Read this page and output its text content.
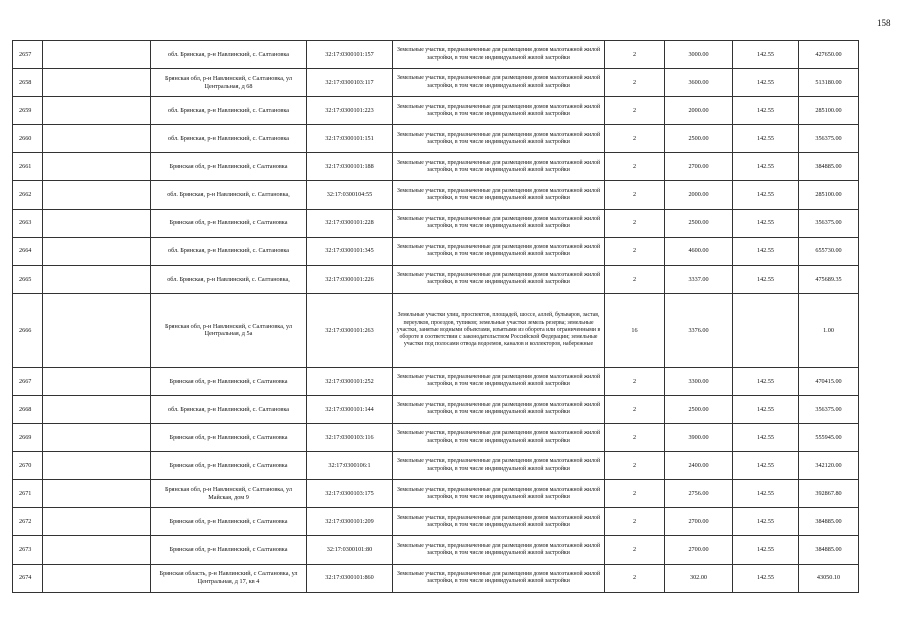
158
2657		обл. Брянская, р-н Навлинский, с. Салтановка	32:17:0300101:157	Земельные участки, предназначенные для размещения домов малоэтажной жилой застройки, в том числе индивидуальной жилой застройки	2	3000.00	142.55	427650.00
2658		Брянская обл, р-н Навлинский, с Салтановка, ул Центральная, д 68	32:17:0300103:117	Земельные участки, предназначенные для размещения домов малоэтажной жилой застройки, в том числе индивидуальной жилой застройки	2	3600.00	142.55	513180.00
2659		обл. Брянская, р-н Навлинский, с. Салтановка	32:17:0300101:223	Земельные участки, предназначенные для размещения домов малоэтажной жилой застройки, в том числе индивидуальной жилой застройки	2	2000.00	142.55	285100.00
2660		обл. Брянская, р-н Навлинский, с. Салтановка	32:17:0300101:151	Земельные участки, предназначенные для размещения домов малоэтажной жилой застройки, в том числе индивидуальной жилой застройки	2	2500.00	142.55	356375.00
2661		Брянская обл, р-н Навлинский, с Салтановка	32:17:0300101:188	Земельные участки, предназначенные для размещения домов малоэтажной жилой застройки, в том числе индивидуальной жилой застройки	2	2700.00	142.55	384885.00
2662		обл. Брянская, р-н Навлинский, с. Салтановка,	32:17:0300104:55	Земельные участки, предназначенные для размещения домов малоэтажной жилой застройки, в том числе индивидуальной жилой застройки	2	2000.00	142.55	285100.00
2663		Брянская обл, р-н Навлинский, с Салтановка	32:17:0300101:228	Земельные участки, предназначенные для размещения домов малоэтажной жилой застройки, в том числе индивидуальной жилой застройки	2	2500.00	142.55	356375.00
2664		обл. Брянская, р-н Навлинский, с. Салтановка	32:17:0300101:345	Земельные участки, предназначенные для размещения домов малоэтажной жилой застройки, в том числе индивидуальной жилой застройки	2	4600.00	142.55	655730.00
2665		обл. Брянская, р-н Навлинский, с. Салтановка,	32:17:0300101:226	Земельные участки, предназначенные для размещения домов малоэтажной жилой застройки, в том числе индивидуальной жилой застройки	2	3337.00	142.55	475689.35
2666		Брянская обл, р-н Навлинский, с Салтановка, ул Центральная, д 5а	32:17:0300101:263	Земельные участки улиц, проспектов, площадей, шоссе, аллей, бульваров, застав, переулков, проездов, тупиков; земельные участки земель резерва; земельные участки, занятые водными объектами, изъятыми из оборота или ограниченными в обороте в соответствии с законодательством Российской Федерации; земельные участки под полосами отвода водоемов, каналов и коллекторов, набережные	16	3376.00		1.00
2667		Брянская обл, р-н Навлинский, с Салтановка	32:17:0300101:252	Земельные участки, предназначенные для размещения домов малоэтажной жилой застройки, в том числе индивидуальной жилой застройки	2	3300.00	142.55	470415.00
2668		обл. Брянская, р-н Навлинский, с. Салтановка	32:17:0300101:144	Земельные участки, предназначенные для размещения домов малоэтажной жилой застройки, в том числе индивидуальной жилой застройки	2	2500.00	142.55	356375.00
2669		Брянская обл, р-н Навлинский, с Салтановка	32:17:0300103:116	Земельные участки, предназначенные для размещения домов малоэтажной жилой застройки, в том числе индивидуальной жилой застройки	2	3900.00	142.55	555945.00
2670		Брянская обл, р-н Навлинский, с Салтановка	32:17:0300106:1	Земельные участки, предназначенные для размещения домов малоэтажной жилой застройки, в том числе индивидуальной жилой застройки	2	2400.00	142.55	342120.00
2671		Брянская обл, р-н Навлинский, с Салтановка, ул Майская, дом 9	32:17:0300103:175	Земельные участки, предназначенные для размещения домов малоэтажной жилой застройки, в том числе индивидуальной жилой застройки	2	2756.00	142.55	392867.80
2672		Брянская обл, р-н Навлинский, с Салтановка	32:17:0300101:209	Земельные участки, предназначенные для размещения домов малоэтажной жилой застройки, в том числе индивидуальной жилой застройки	2	2700.00	142.55	384885.00
2673		Брянская обл, р-н Навлинский, с Салтановка	32:17:0300101:80	Земельные участки, предназначенные для размещения домов малоэтажной жилой застройки, в том числе индивидуальной жилой застройки	2	2700.00	142.55	384885.00
2674		Брянская область, р-н Навлинский, с Салтановка, ул Центральная, д 17, кв 4	32:17:0300101:860	Земельные участки, предназначенные для размещения домов малоэтажной жилой застройки, в том числе индивидуальной жилой застройки	2	302.00	142.55	43050.10
